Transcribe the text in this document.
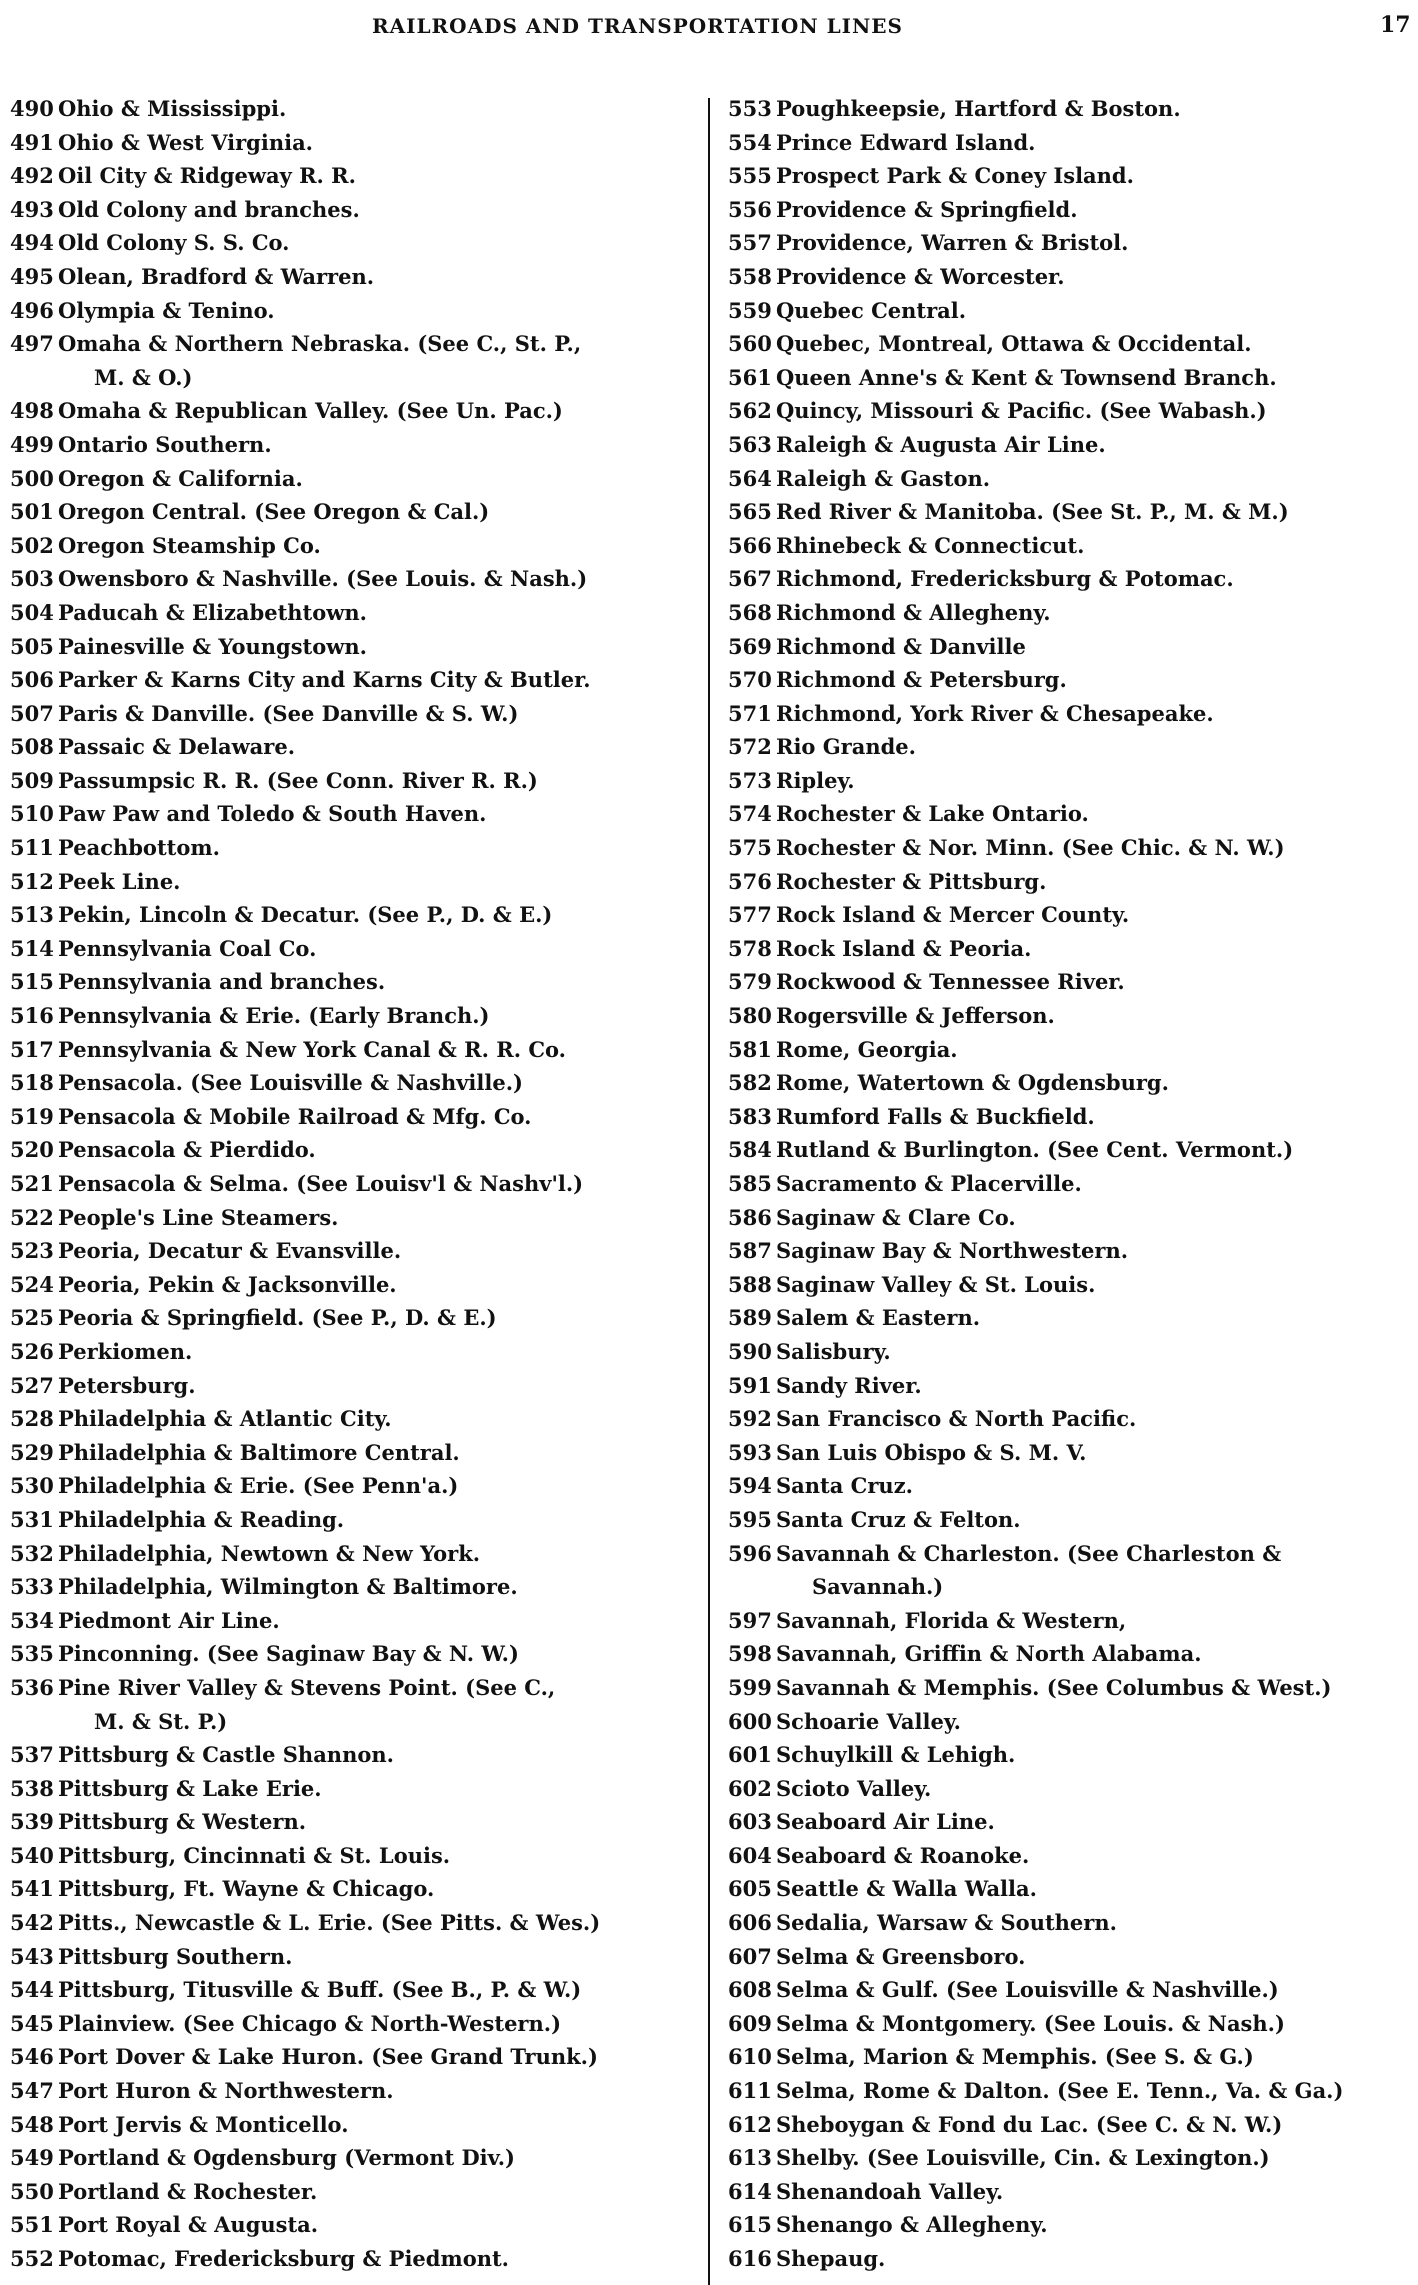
RAILROADS AND TRANSPORTATION LINES	17
490 Ohio & Mississippi.
491 Ohio & West Virginia.
492 Oil City & Ridgeway R. R.
493 Old Colony and branches.
494 Old Colony S. S. Co.
495 Olean, Bradford & Warren.
496 Olympia & Tenino.
497 Omaha & Northern Nebraska. (See C., St. P.,
M. & O.)
498 Omaha & Republican Valley. (See Un. Pac.)
499 Ontario Southern.
500 Oregon & California.
501 Oregon Central. (See Oregon & Cal.)
502 Oregon Steamship Co.
503 Owensboro & Nashville. (See Louis. & Nash.)
504 Paducah & Elizabethtown.
505 Painesville & Youngstown.
506 Parker & Karns City and Karns City & Butler.
507 Paris & Danville. (See Danville & S. W.)
508 Passaic & Delaware.
509 Passumpsic R. R. (See Conn. River R. R.)
510 Paw Paw and Toledo & South Haven.
511 Peachbottom.
512 Peek Line.
513 Pekin, Lincoln & Decatur. (See P., D. & E.)
514 Pennsylvania Coal Co.
515 Pennsylvania and branches.
516 Pennsylvania & Erie. (Early Branch.)
517 Pennsylvania & New York Canal & R. R. Co.
518 Pensacola. (See Louisville & Nashville.)
519 Pensacola & Mobile Railroad & Mfg. Co.
520 Pensacola & Pierdido.
521 Pensacola & Selma. (See Louisv'l & Nashv'l.)
522 People's Line Steamers.
523 Peoria, Decatur & Evansville.
524 Peoria, Pekin & Jacksonville.
525 Peoria & Springfield. (See P., D. & E.)
526 Perkiomen.
527 Petersburg.
528 Philadelphia & Atlantic City.
529 Philadelphia & Baltimore Central.
530 Philadelphia & Erie. (See Penn'a.)
531 Philadelphia & Reading.
532 Philadelphia, Newtown & New York.
533 Philadelphia, Wilmington & Baltimore.
534 Piedmont Air Line.
535 Pinconning. (See Saginaw Bay & N. W.)
536 Pine River Valley & Stevens Point. (See C.,
M. & St. P.)
537 Pittsburg & Castle Shannon.
538 Pittsburg & Lake Erie.
539 Pittsburg & Western.
540 Pittsburg, Cincinnati & St. Louis.
541 Pittsburg, Ft. Wayne & Chicago.
542 Pitts., Newcastle & L. Erie. (See Pitts. & Wes.)
543 Pittsburg Southern.
544 Pittsburg, Titusville & Buff. (See B., P. & W.)
545 Plainview. (See Chicago & North-Western.)
546 Port Dover & Lake Huron. (See Grand Trunk.)
547 Port Huron & Northwestern.
548 Port Jervis & Monticello.
549 Portland & Ogdensburg (Vermont Div.)
550 Portland & Rochester.
551 Port Royal & Augusta.
552 Potomac, Fredericksburg & Piedmont.
553 Poughkeepsie, Hartford & Boston.
554 Prince Edward Island.
555 Prospect Park & Coney Island.
556 Providence & Springfield.
557 Providence, Warren & Bristol.
558 Providence & Worcester.
559 Quebec Central.
560 Quebec, Montreal, Ottawa & Occidental.
561 Queen Anne's & Kent & Townsend Branch.
562 Quincy, Missouri & Pacific. (See Wabash.)
563 Raleigh & Augusta Air Line.
564 Raleigh & Gaston.
565 Red River & Manitoba. (See St. P., M. & M.)
566 Rhinebeck & Connecticut.
567 Richmond, Fredericksburg & Potomac.
568 Richmond & Allegheny.
569 Richmond & Danville
570 Richmond & Petersburg.
571 Richmond, York River & Chesapeake.
572 Rio Grande.
573 Ripley.
574 Rochester & Lake Ontario.
575 Rochester & Nor. Minn. (See Chic. & N. W.)
576 Rochester & Pittsburg.
577 Rock Island & Mercer County.
578 Rock Island & Peoria.
579 Rockwood & Tennessee River.
580 Rogersville & Jefferson.
581 Rome, Georgia.
582 Rome, Watertown & Ogdensburg.
583 Rumford Falls & Buckfield.
584 Rutland & Burlington. (See Cent. Vermont.)
585 Sacramento & Placerville.
586 Saginaw & Clare Co.
587 Saginaw Bay & Northwestern.
588 Saginaw Valley & St. Louis.
589 Salem & Eastern.
590 Salisbury.
591 Sandy River.
592 San Francisco & North Pacific.
593 San Luis Obispo & S. M. V.
594 Santa Cruz.
595 Santa Cruz & Felton.
596 Savannah & Charleston. (See Charleston &
Savannah.)
597 Savannah, Florida & Western,
598 Savannah, Griffin & North Alabama.
599 Savannah & Memphis. (See Columbus & West.)
600 Schoarie Valley.
601 Schuylkill & Lehigh.
602 Scioto Valley.
603 Seaboard Air Line.
604 Seaboard & Roanoke.
605 Seattle & Walla Walla.
606 Sedalia, Warsaw & Southern.
607 Selma & Greensboro.
608 Selma & Gulf. (See Louisville & Nashville.)
609 Selma & Montgomery. (See Louis. & Nash.)
610 Selma, Marion & Memphis. (See S. & G.)
611 Selma, Rome & Dalton. (See E. Tenn., Va. & Ga.)
612 Sheboygan & Fond du Lac. (See C. & N. W.)
613 Shelby. (See Louisville, Cin. & Lexington.)
614 Shenandoah Valley.
615 Shenango & Allegheny.
616 Shepaug.
